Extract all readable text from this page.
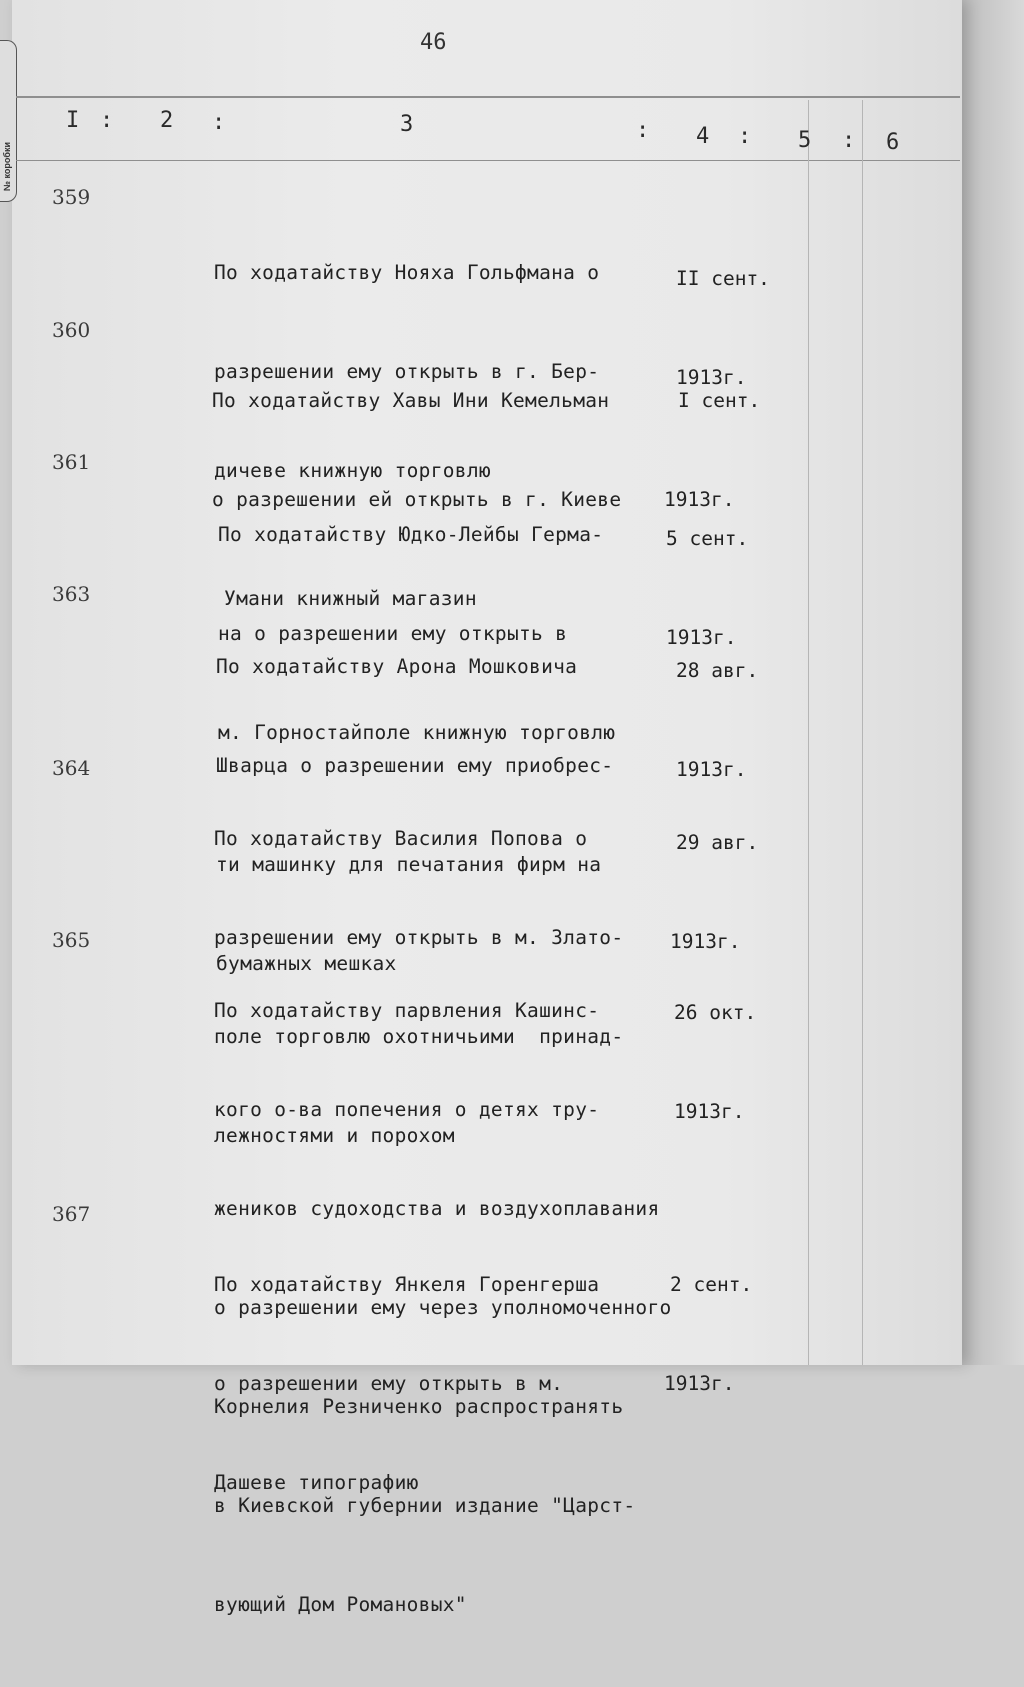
№ коробки
46
I : 2 :	3	: 4 : 5 : 6
359

По ходатайству Нояха Гольфмана о

разрешении ему открыть в г. Бер-

дичеве книжную торговлю

II сент.

1913г.

360

По ходатайству Хавы Ини Кемельман

о разрешении ей открыть в г. Киеве

Умани книжный магазин

I сент.

1913г.

361

По ходатайству Юдко-Лейбы Герма-

на о разрешении ему открыть в

м. Горностайполе книжную торговлю

5 сент.

1913г.

363

По ходатайству Арона Мошковича

Шварца о разрешении ему приобрес-

ти машинку для печатания фирм на

бумажных мешках

28 авг.

1913г.

364

По ходатайству Василия Попова о

разрешении ему открыть в м. Злато-

поле торговлю охотничьими  принад-

лежностями и порохом

29 авг.

1913г.

365

По ходатайству парвления Кашинс-

кого о-ва попечения о детях тру-

жеников судоходства и воздухоплавания

о разрешении ему через уполномоченного

Корнелия Резниченко распространять

в Киевской губернии издание "Царст-

вующий Дом Романовых"

26 окт.

1913г.

367

По ходатайству Янкеля Горенгерша

о разрешении ему открыть в м.

Дашеве типографию

2 сент.

1913г.
